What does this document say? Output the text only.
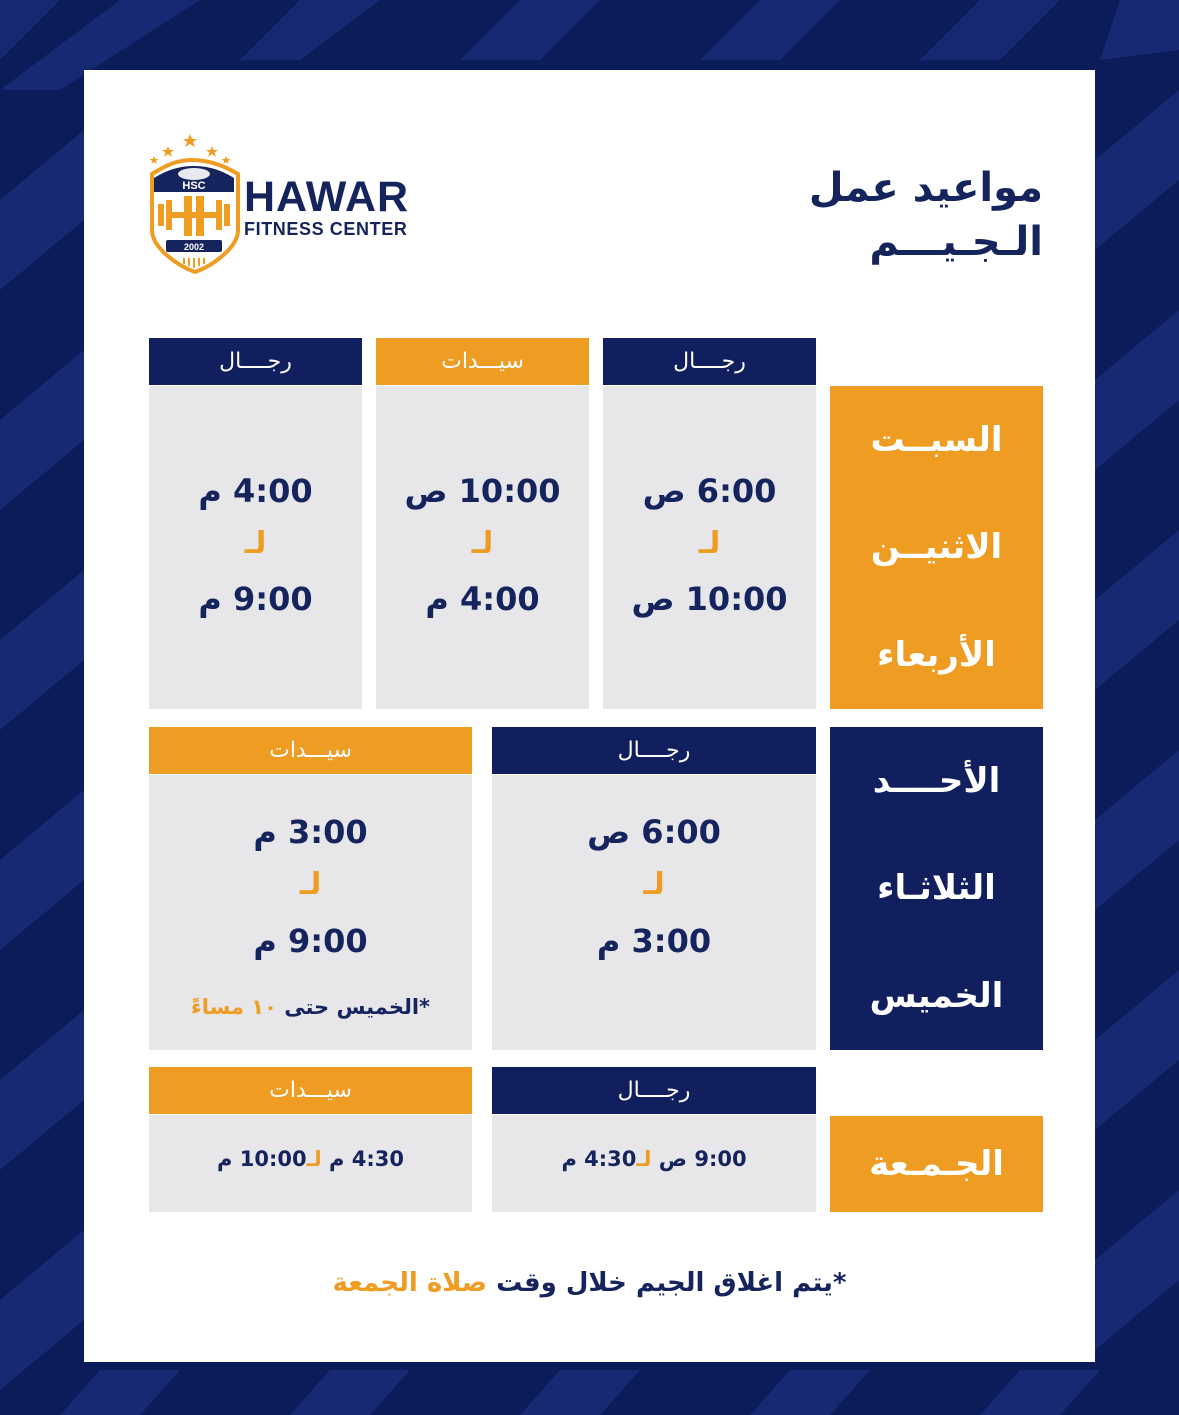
HSC
2002
HAWAR
FITNESS CENTER
مواعيد عمل
الـجـيـــم
السبــت
الاثنيــن
الأربعاء
رجــــال
6:00 ص
لـ
10:00 ص
سيـــدات
10:00 ص
لـ
4:00 م
رجــــال
4:00 م
لـ
9:00 م
الأحــــد
الثلاثـاء
الخميس
رجــــال
6:00 ص
لـ
3:00 م
سيـــدات
3:00 م
لـ
9:00 م
*الخميس حتى ١٠ مساءً
الجـمـعة
رجــــال
9:00 ص لـ4:30 م
سيـــدات
4:30 م لـ10:00 م
*يتم اغلاق الجيم خلال وقت صلاة الجمعة
